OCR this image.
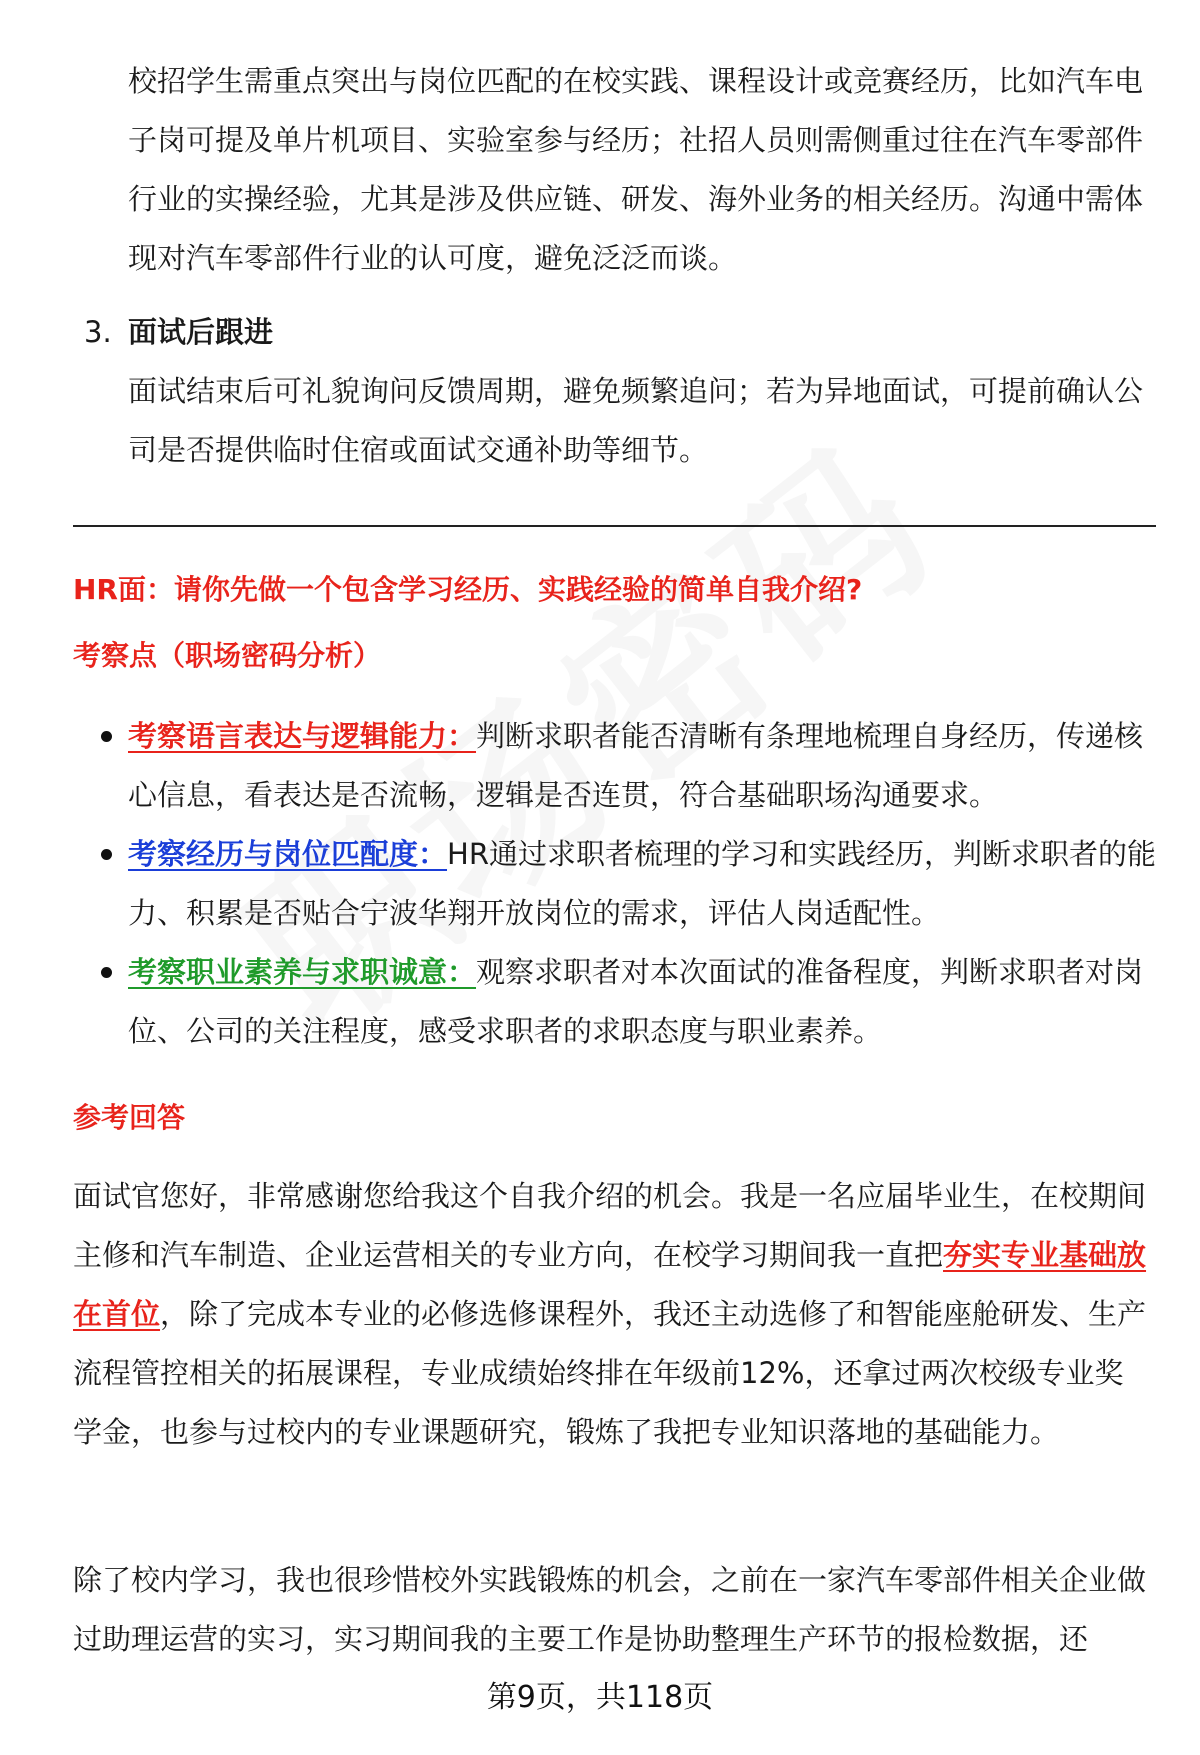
校招学生需重点突出与岗位匹配的在校实践、课程设计或竞赛经历，比如汽车电子岗可提及单片机项目、实验室参与经历；社招人员则需侧重过往在汽车零部件行业的实操经验，尤其是涉及供应链、研发、海外业务的相关经历。沟通中需体现对汽车零部件行业的认可度，避免泛泛而谈。

3. 面试后跟进

面试结束后可礼貌询问反馈周期，避免频繁追问；若为异地面试，可提前确认公司是否提供临时住宿或面试交通补助等细节。

HR面：请你先做一个包含学习经历、实践经验的简单自我介绍?
考察点（职场密码分析）

考察语言表达与逻辑能力：判断求职者能否清晰有条理地梳理自身经历，传递核心信息，看表达是否流畅，逻辑是否连贯，符合基础职场沟通要求。

考察经历与岗位匹配度：HR通过求职者梳理的学习和实践经历，判断求职者的能力、积累是否贴合宁波华翔开放岗位的需求，评估人岗适配性。

考察职业素养与求职诚意：观察求职者对本次面试的准备程度，判断求职者对岗位、公司的关注程度，感受求职者的求职态度与职业素养。

参考回答

面试官您好，非常感谢您给我这个自我介绍的机会。我是一名应届毕业生，在校期间主修和汽车制造、企业运营相关的专业方向，在校学习期间我一直把夯实专业基础放在首位，除了完成本专业的必修选修课程外，我还主动选修了和智能座舱研发、生产流程管控相关的拓展课程，专业成绩始终排在年级前12%，还拿过两次校级专业奖学金，也参与过校内的专业课题研究，锻炼了我把专业知识落地的基础能力。

除了校内学习，我也很珍惜校外实践锻炼的机会，之前在一家汽车零部件相关企业做过助理运营的实习，实习期间我的主要工作是协助整理生产环节的报检数据，还

第9页，共118页
